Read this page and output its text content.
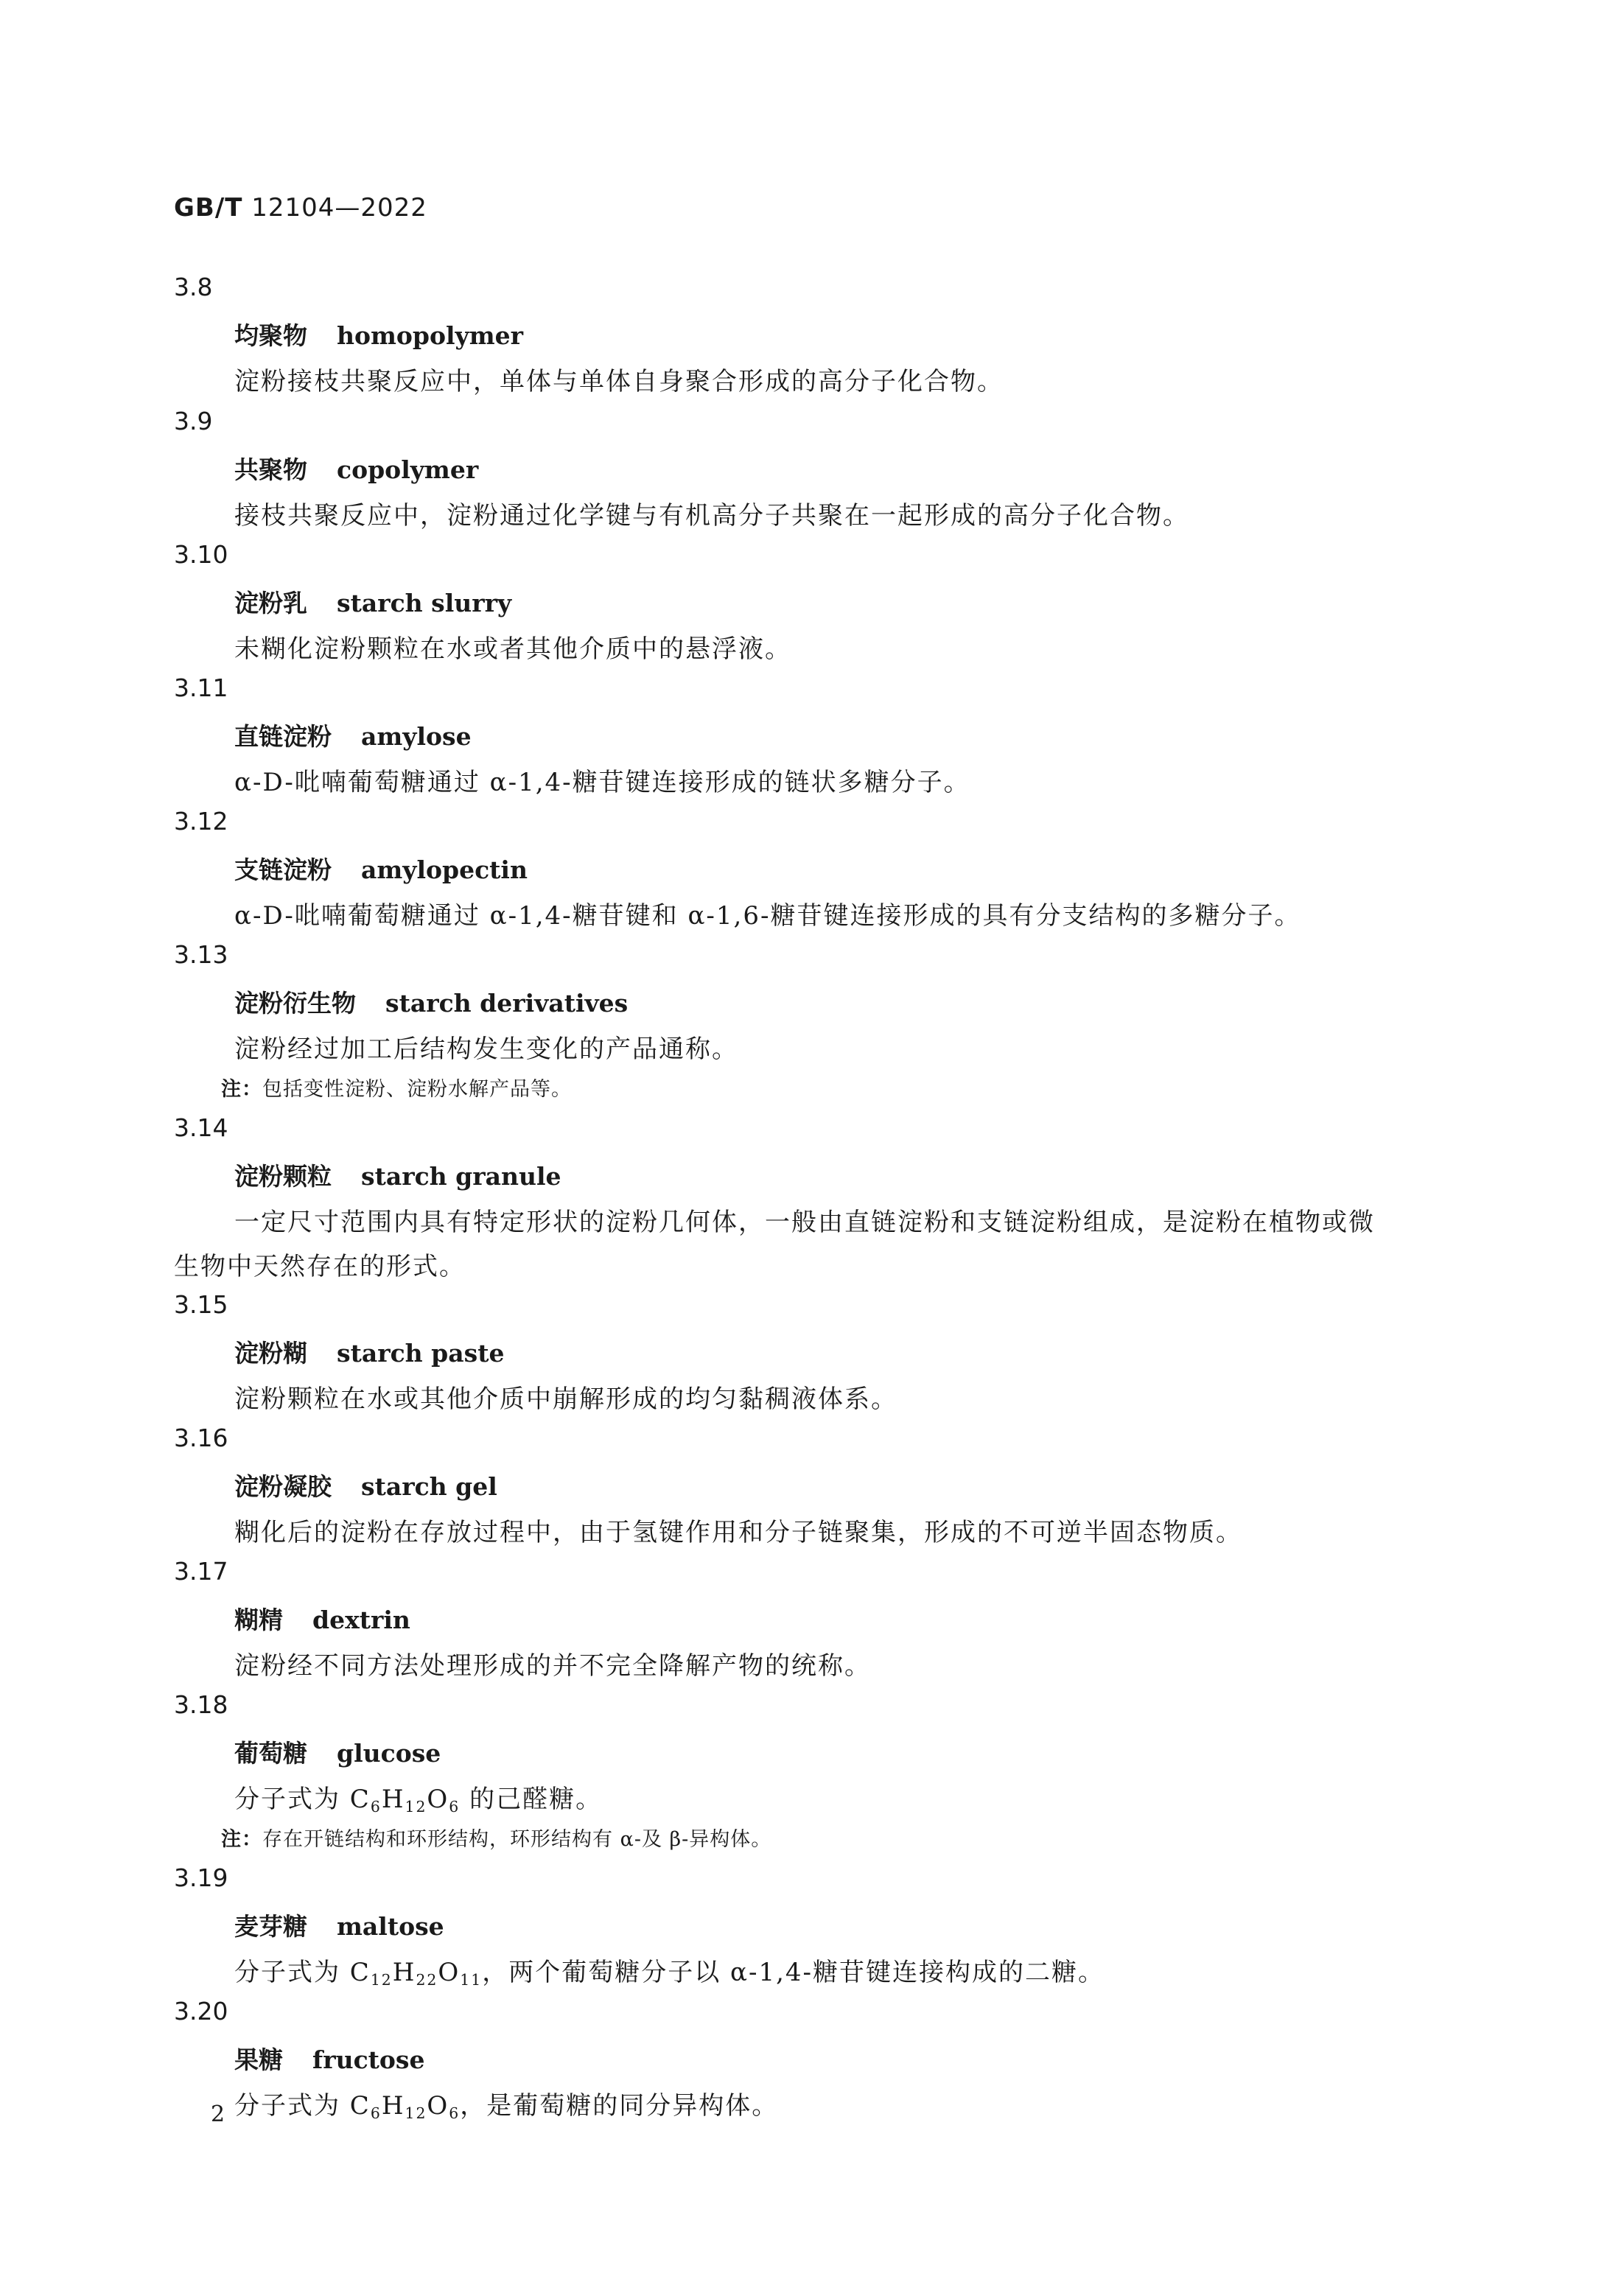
GB/T 12104—2022
3.8
均聚物 homopolymer
淀粉接枝共聚反应中，单体与单体自身聚合形成的高分子化合物。
3.9
共聚物 copolymer
接枝共聚反应中，淀粉通过化学键与有机高分子共聚在一起形成的高分子化合物。
3.10
淀粉乳 starch slurry
未糊化淀粉颗粒在水或者其他介质中的悬浮液。
3.11
直链淀粉 amylose
α-D-吡喃葡萄糖通过 α-1,4-糖苷键连接形成的链状多糖分子。
3.12
支链淀粉 amylopectin
α-D-吡喃葡萄糖通过 α-1,4-糖苷键和 α-1,6-糖苷键连接形成的具有分支结构的多糖分子。
3.13
淀粉衍生物 starch derivatives
淀粉经过加工后结构发生变化的产品通称。
注：包括变性淀粉、淀粉水解产品等。
3.14
淀粉颗粒 starch granule
一定尺寸范围内具有特定形状的淀粉几何体，一般由直链淀粉和支链淀粉组成，是淀粉在植物或微
生物中天然存在的形式。
3.15
淀粉糊 starch paste
淀粉颗粒在水或其他介质中崩解形成的均匀黏稠液体系。
3.16
淀粉凝胶 starch gel
糊化后的淀粉在存放过程中，由于氢键作用和分子链聚集，形成的不可逆半固态物质。
3.17
糊精 dextrin
淀粉经不同方法处理形成的并不完全降解产物的统称。
3.18
葡萄糖 glucose
分子式为 $C_6H_{12}O_6$ 的己醛糖。
注：存在开链结构和环形结构，环形结构有 α-及 β-异构体。
3.19
麦芽糖 maltose
分子式为 $C_{12}H_{22}O_{11}$，两个葡萄糖分子以 α-1,4-糖苷键连接构成的二糖。
3.20
果糖 fructose
分子式为 $C_6H_{12}O_6$，是葡萄糖的同分异构体。
2
